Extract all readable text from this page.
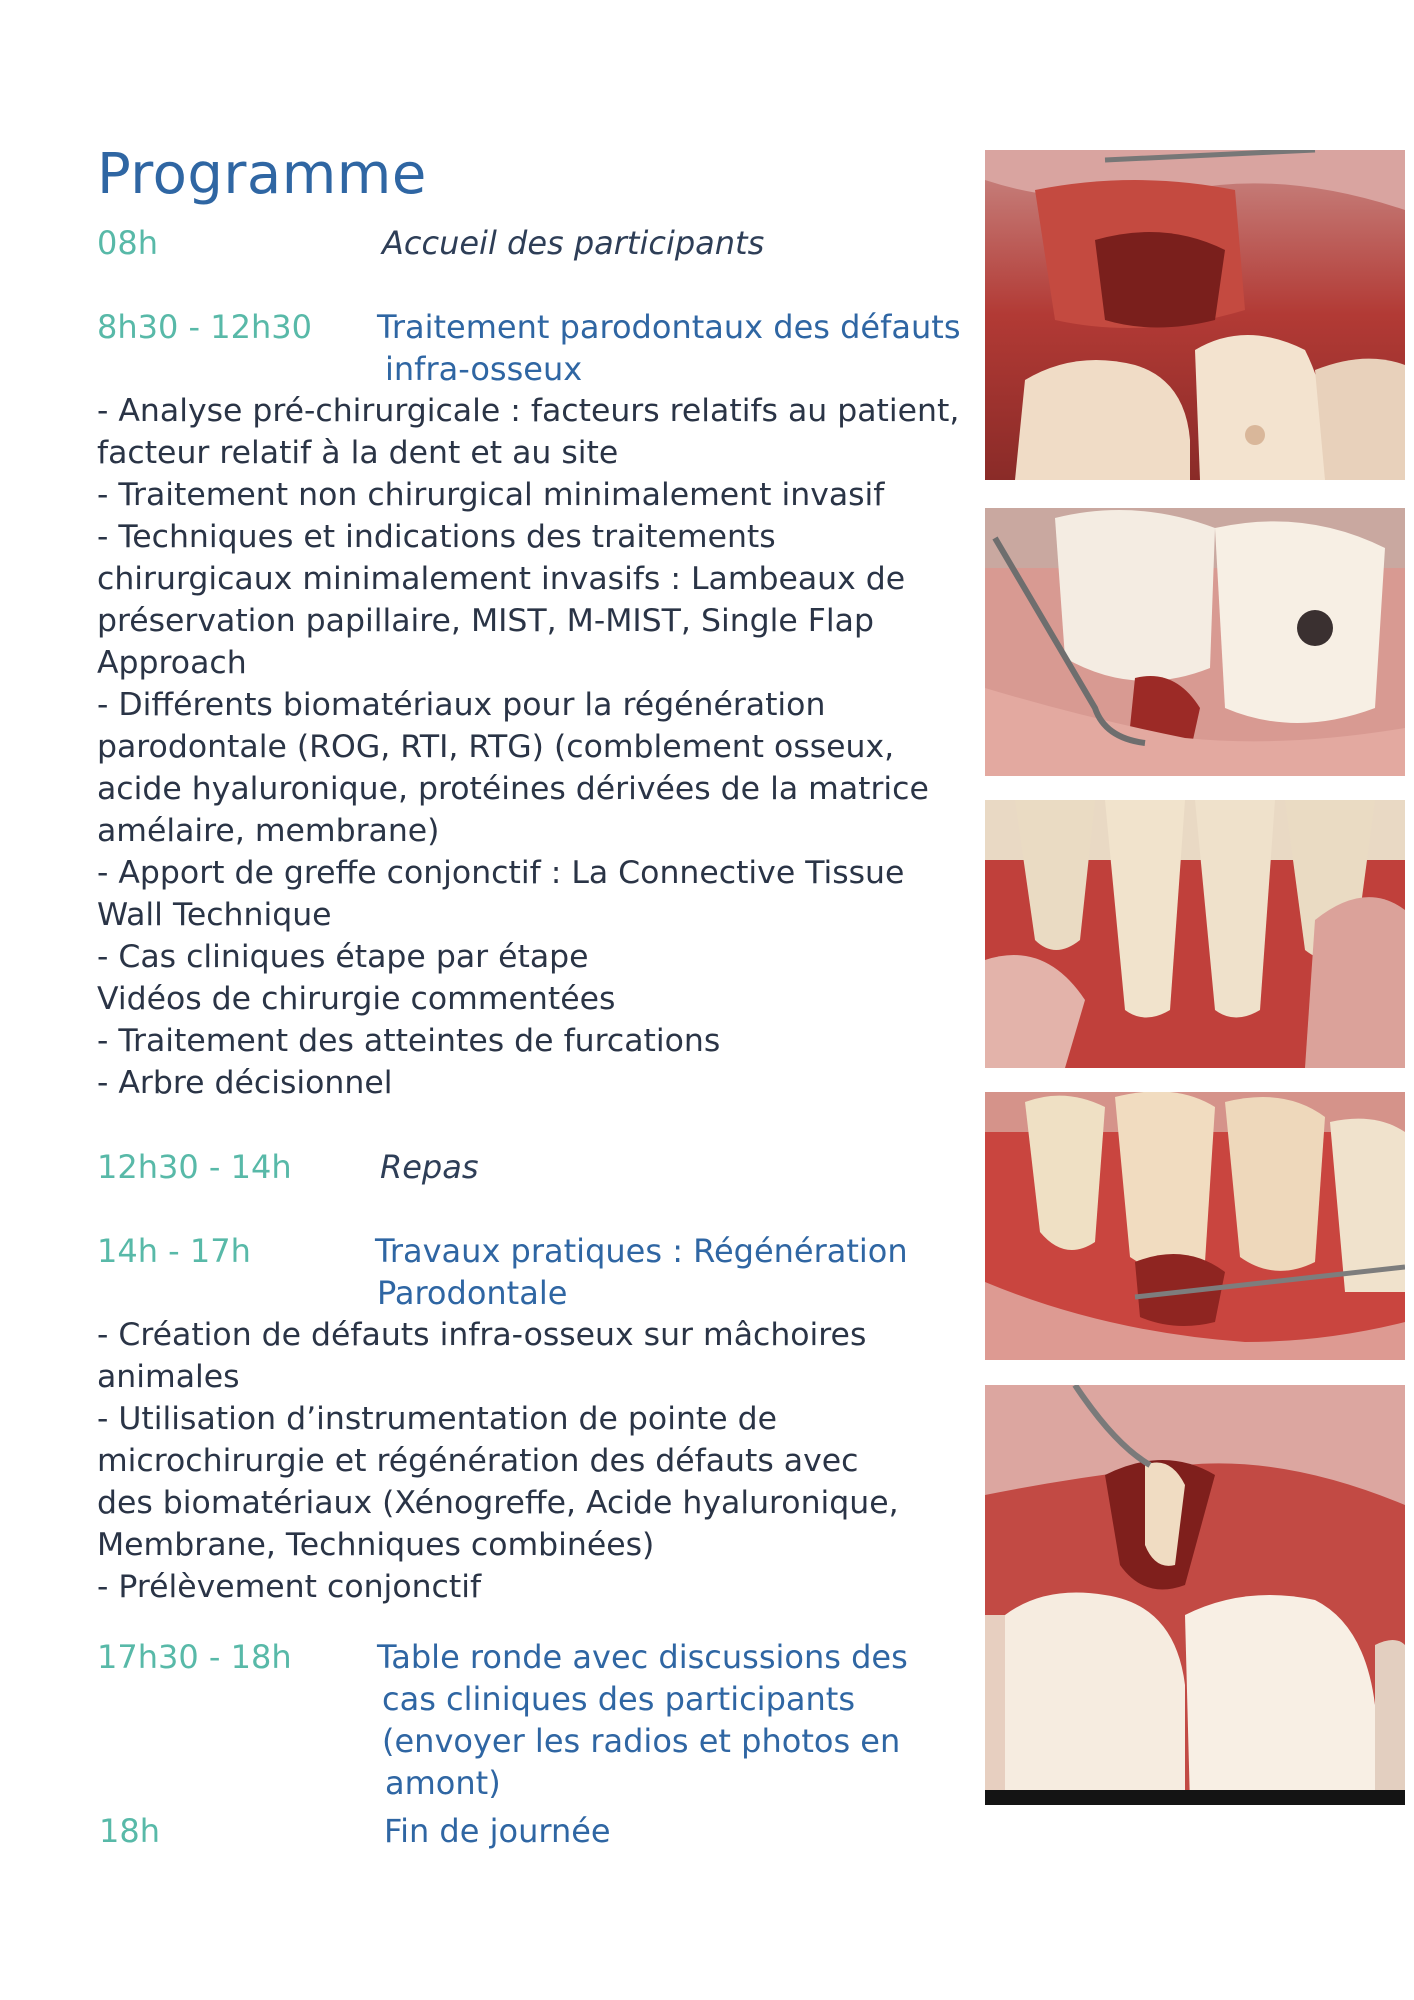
Programme
08h	Accueil des participants
8h30 - 12h30	Traitement parodontaux des défauts
infra-osseux
- Analyse pré-chirurgicale : facteurs relatifs au patient,
facteur relatif à la dent et au site
- Traitement non chirurgical minimalement invasif
- Techniques et indications des traitements
chirurgicaux minimalement invasifs : Lambeaux de
préservation papillaire, MIST, M-MIST, Single Flap
Approach
- Différents biomatériaux pour la régénération
parodontale (ROG, RTI, RTG) (comblement osseux,
acide hyaluronique, protéines dérivées de la matrice
amélaire, membrane)
- Apport de greffe conjonctif : La Connective Tissue
Wall Technique
- Cas cliniques étape par étape
Vidéos de chirurgie commentées
- Traitement des atteintes de furcations
- Arbre décisionnel
12h30 - 14h	Repas
14h - 17h	Travaux pratiques : Régénération
Parodontale
- Création de défauts infra-osseux sur mâchoires
animales
- Utilisation d’instrumentation de pointe de
microchirurgie et régénération des défauts avec
des biomatériaux (Xénogreffe, Acide hyaluronique,
Membrane, Techniques combinées)
- Prélèvement conjonctif
17h30 - 18h	Table ronde avec discussions des
cas cliniques des participants
(envoyer les radios et photos en
amont)
18h	Fin de journée
